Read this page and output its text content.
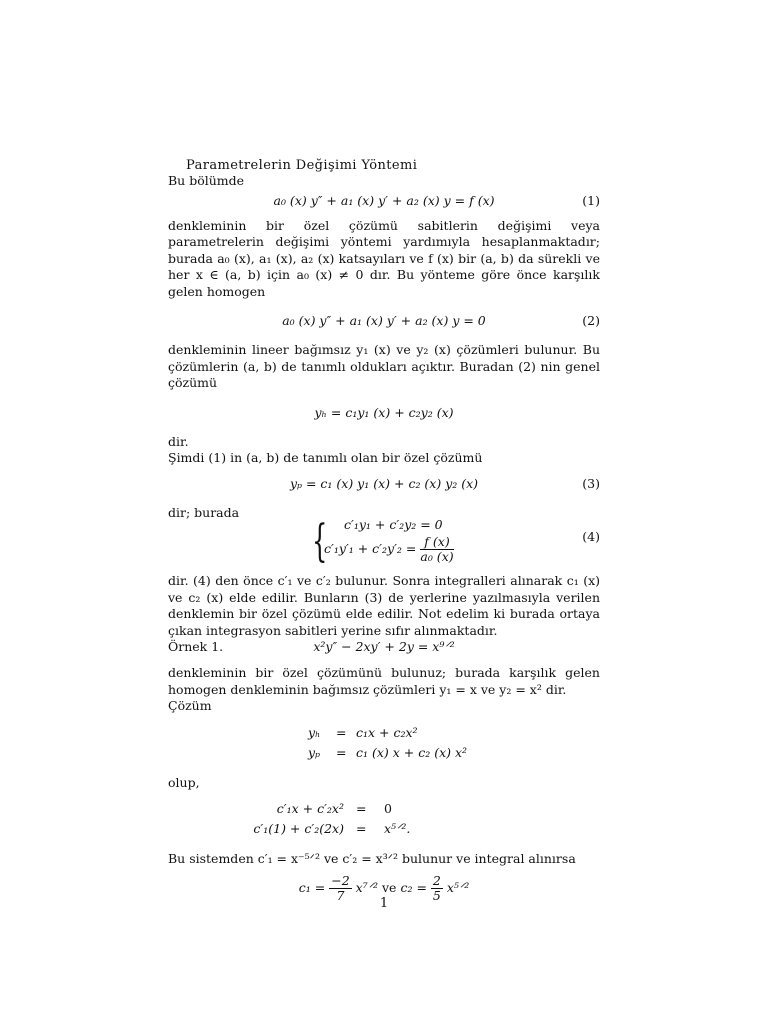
Parametrelerin Değişimi Yöntemi

Bu bölümde

a₀ (x) y″ + a₁ (x) y′ + a₂ (x) y = f (x)	(1)

denkleminin bir özel çözümü sabitlerin değişimi veya parametrelerin değişimi yöntemi yardımıyla hesaplanmaktadır; burada a₀ (x), a₁ (x), a₂ (x) katsayıları ve f (x) bir (a, b) da sürekli ve her x ∈ (a, b) için a₀ (x) ≠ 0 dır. Bu yönteme göre önce karşılık gelen homogen

a₀ (x) y″ + a₁ (x) y′ + a₂ (x) y = 0	(2)

denkleminin lineer bağımsız y₁ (x) ve y₂ (x) çözümleri bulunur. Bu çözümlerin (a, b) de tanımlı oldukları açıktır. Buradan (2) nin genel çözümü

yₕ = c₁y₁ (x) + c₂y₂ (x)

dir.

Şimdi (1) in (a, b) de tanımlı olan bir özel çözümü

yₚ = c₁ (x) y₁ (x) + c₂ (x) y₂ (x)	(3)

dir; burada

{ c′₁y₁ + c′₂y₂ = 0
$c'_1y'_1 + c'_2y'_2 = \frac{f (x)}{\text{a₀ (x)}}$	(4)

dir. (4) den önce c′₁ ve c′₂ bulunur. Sonra integralleri alınarak c₁ (x) ve c₂ (x) elde edilir. Bunların (3) de yerlerine yazılmasıyla verilen denklemin bir özel çözümü elde edilir. Not edelim ki burada ortaya çıkan integrasyon sabitleri yerine sıfır alınmaktadır.

Örnek 1.	x²y″ − 2xy′ + 2y = x⁹ᐟ²

denkleminin bir özel çözümünü bulunuz; burada karşılık gelen homogen denkleminin bağımsız çözümleri y₁ = x ve y₂ = x² dir.

Çözüm

yₕ = c₁x + c₂x²
yₚ = c₁ (x) x + c₂ (x) x²

olup,

c′₁x + c′₂x² = 0
c′₁(1) + c′₂(2x) = x⁵ᐟ².

Bu sistemden c′₁ = x⁻⁵ᐟ² ve c′₂ = x³ᐟ² bulunur ve integral alınırsa

$c_1 = \frac{-2}{7}$ x⁷ᐟ² ve $c_2 = \frac{2}{5}$ x⁵ᐟ²
1
